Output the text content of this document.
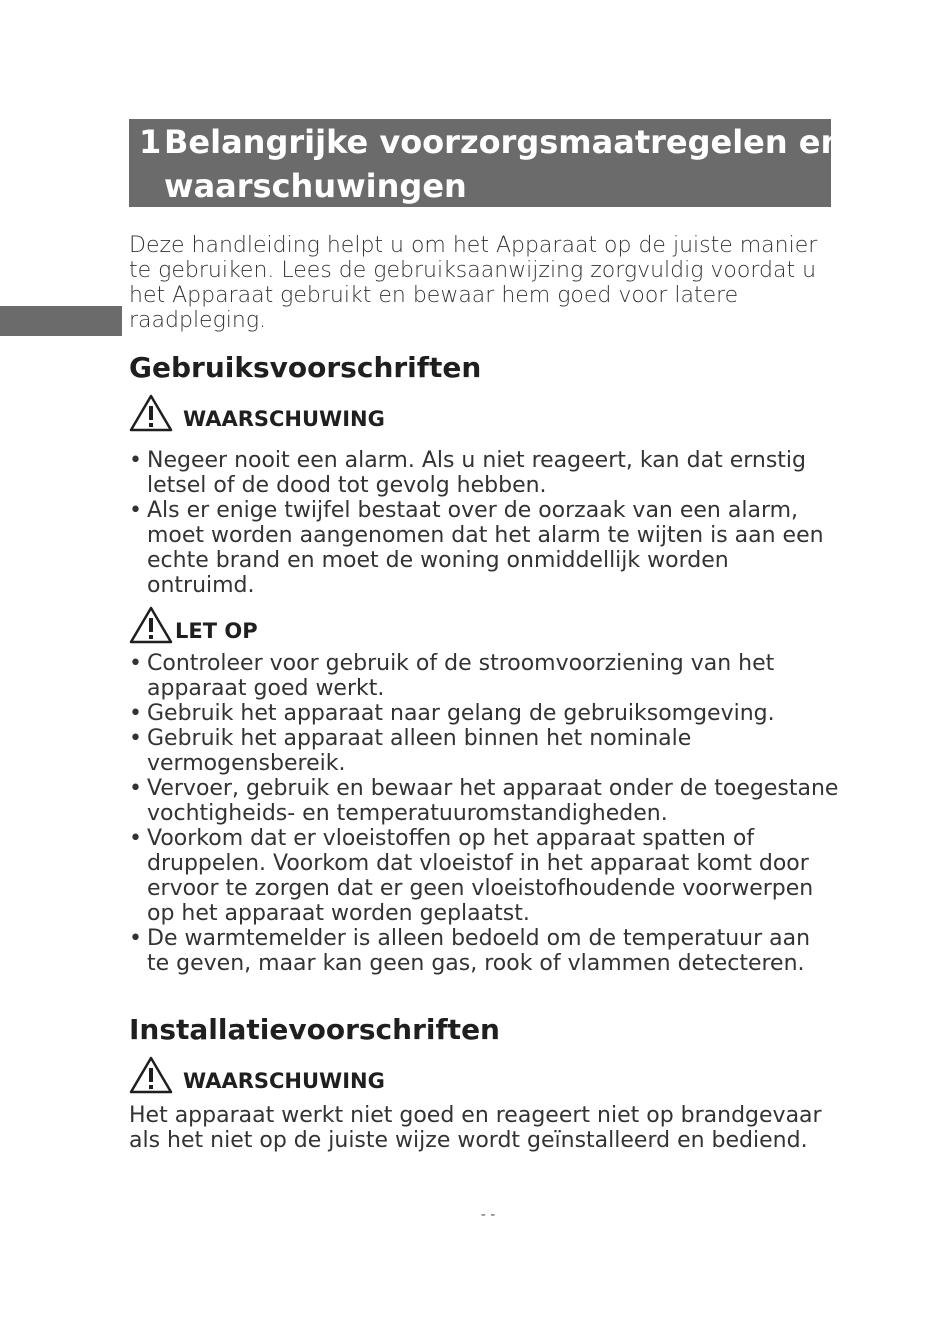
1 Belangrijke voorzorgsmaatregelen en
waarschuwingen
Deze handleiding helpt u om het Apparaat op de juiste manier te gebruiken. Lees de gebruiksaanwijzing zorgvuldig voordat u het Apparaat gebruikt en bewaar hem goed voor latere raadpleging.
Gebruiksvoorschriften
WAARSCHUWING
• Negeer nooit een alarm. Als u niet reageert, kan dat ernstig letsel of de dood tot gevolg hebben.
• Als er enige twijfel bestaat over de oorzaak van een alarm, moet worden aangenomen dat het alarm te wijten is aan een echte brand en moet de woning onmiddellijk worden ontruimd.
LET OP
• Controleer voor gebruik of de stroomvoorziening van het apparaat goed werkt.
• Gebruik het apparaat naar gelang de gebruiksomgeving.
• Gebruik het apparaat alleen binnen het nominale vermogensbereik.
• Vervoer, gebruik en bewaar het apparaat onder de toegestane vochtigheids- en temperatuuromstandigheden.
• Voorkom dat er vloeistoffen op het apparaat spatten of druppelen. Voorkom dat vloeistof in het apparaat komt door ervoor te zorgen dat er geen vloeistofhoudende voorwerpen op het apparaat worden geplaatst.
• De warmtemelder is alleen bedoeld om de temperatuur aan te geven, maar kan geen gas, rook of vlammen detecteren.
Installatievoorschriften
WAARSCHUWING
Het apparaat werkt niet goed en reageert niet op brandgevaar als het niet op de juiste wijze wordt geïnstalleerd en bediend.
- -
